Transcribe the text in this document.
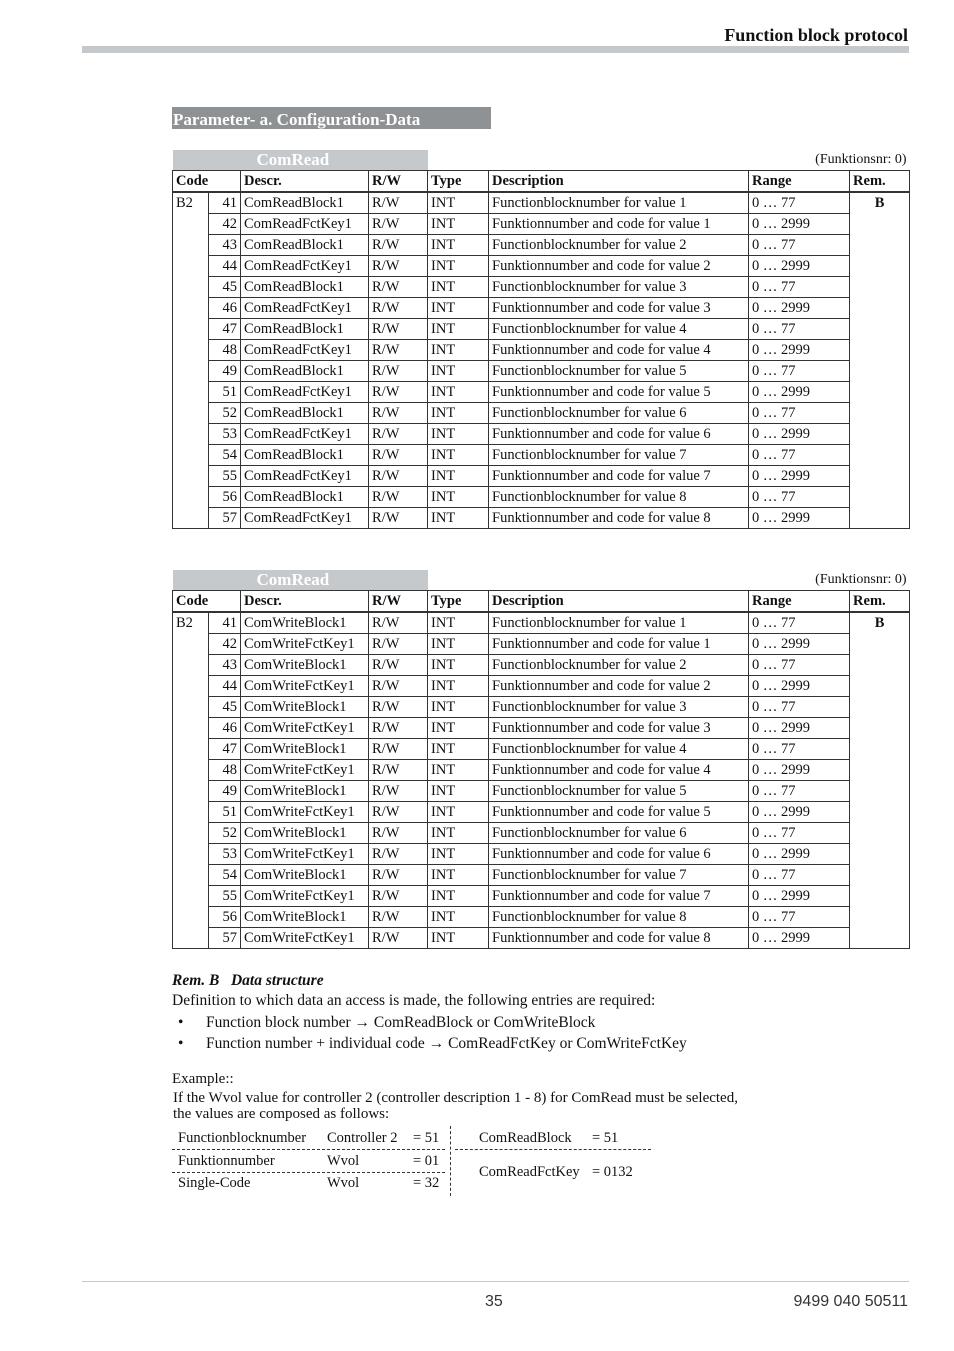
Function block protocol
Parameter- a. Configuration-Data
ComRead				(Funktionsnr: 0)			
Code		Descr.	R/W	Type	Description	Range	Rem.
B2	41	ComReadBlock1	R/W	INT	Functionblocknumber for value 1	0 … 77	B
	42	ComReadFctKey1	R/W	INT	Funktionnumber and code for value 1	0 … 2999	
	43	ComReadBlock1	R/W	INT	Functionblocknumber for value 2	0 … 77	
	44	ComReadFctKey1	R/W	INT	Funktionnumber and code for value 2	0 … 2999	
	45	ComReadBlock1	R/W	INT	Functionblocknumber for value 3	0 … 77	
	46	ComReadFctKey1	R/W	INT	Funktionnumber and code for value 3	0 … 2999	
	47	ComReadBlock1	R/W	INT	Functionblocknumber for value 4	0 … 77	
	48	ComReadFctKey1	R/W	INT	Funktionnumber and code for value 4	0 … 2999	
	49	ComReadBlock1	R/W	INT	Functionblocknumber for value 5	0 … 77	
	51	ComReadFctKey1	R/W	INT	Funktionnumber and code for value 5	0 … 2999	
	52	ComReadBlock1	R/W	INT	Functionblocknumber for value 6	0 … 77	
	53	ComReadFctKey1	R/W	INT	Funktionnumber and code for value 6	0 … 2999	
	54	ComReadBlock1	R/W	INT	Functionblocknumber for value 7	0 … 77	
	55	ComReadFctKey1	R/W	INT	Funktionnumber and code for value 7	0 … 2999	
	56	ComReadBlock1	R/W	INT	Functionblocknumber for value 8	0 … 77	
	57	ComReadFctKey1	R/W	INT	Funktionnumber and code for value 8	0 … 2999	
ComRead				(Funktionsnr: 0)			
Code		Descr.	R/W	Type	Description	Range	Rem.
B2	41	ComWriteBlock1	R/W	INT	Functionblocknumber for value 1	0 … 77	B
	42	ComWriteFctKey1	R/W	INT	Funktionnumber and code for value 1	0 … 2999	
	43	ComWriteBlock1	R/W	INT	Functionblocknumber for value 2	0 … 77	
	44	ComWriteFctKey1	R/W	INT	Funktionnumber and code for value 2	0 … 2999	
	45	ComWriteBlock1	R/W	INT	Functionblocknumber for value 3	0 … 77	
	46	ComWriteFctKey1	R/W	INT	Funktionnumber and code for value 3	0 … 2999	
	47	ComWriteBlock1	R/W	INT	Functionblocknumber for value 4	0 … 77	
	48	ComWriteFctKey1	R/W	INT	Funktionnumber and code for value 4	0 … 2999	
	49	ComWriteBlock1	R/W	INT	Functionblocknumber for value 5	0 … 77	
	51	ComWriteFctKey1	R/W	INT	Funktionnumber and code for value 5	0 … 2999	
	52	ComWriteBlock1	R/W	INT	Functionblocknumber for value 6	0 … 77	
	53	ComWriteFctKey1	R/W	INT	Funktionnumber and code for value 6	0 … 2999	
	54	ComWriteBlock1	R/W	INT	Functionblocknumber for value 7	0 … 77	
	55	ComWriteFctKey1	R/W	INT	Funktionnumber and code for value 7	0 … 2999	
	56	ComWriteBlock1	R/W	INT	Functionblocknumber for value 8	0 … 77	
	57	ComWriteFctKey1	R/W	INT	Funktionnumber and code for value 8	0 … 2999	
Rem. B   Data structure
Definition to which data an access is made, the following entries are required:
• Function block number → ComReadBlock or ComWriteBlock
• Function number + individual code → ComReadFctKey or ComWriteFctKey
Example::
If the Wvol value for controller 2 (controller description 1 - 8) for ComRead must be selected,
the values are composed as follows:
Functionblocknumber Controller 2 = 51
Funktionnumber	Wvol	= 01
Single-Code	Wvol	= 32
ComReadBlock = 51
ComReadFctKey = 0132
35	9499 040 50511
